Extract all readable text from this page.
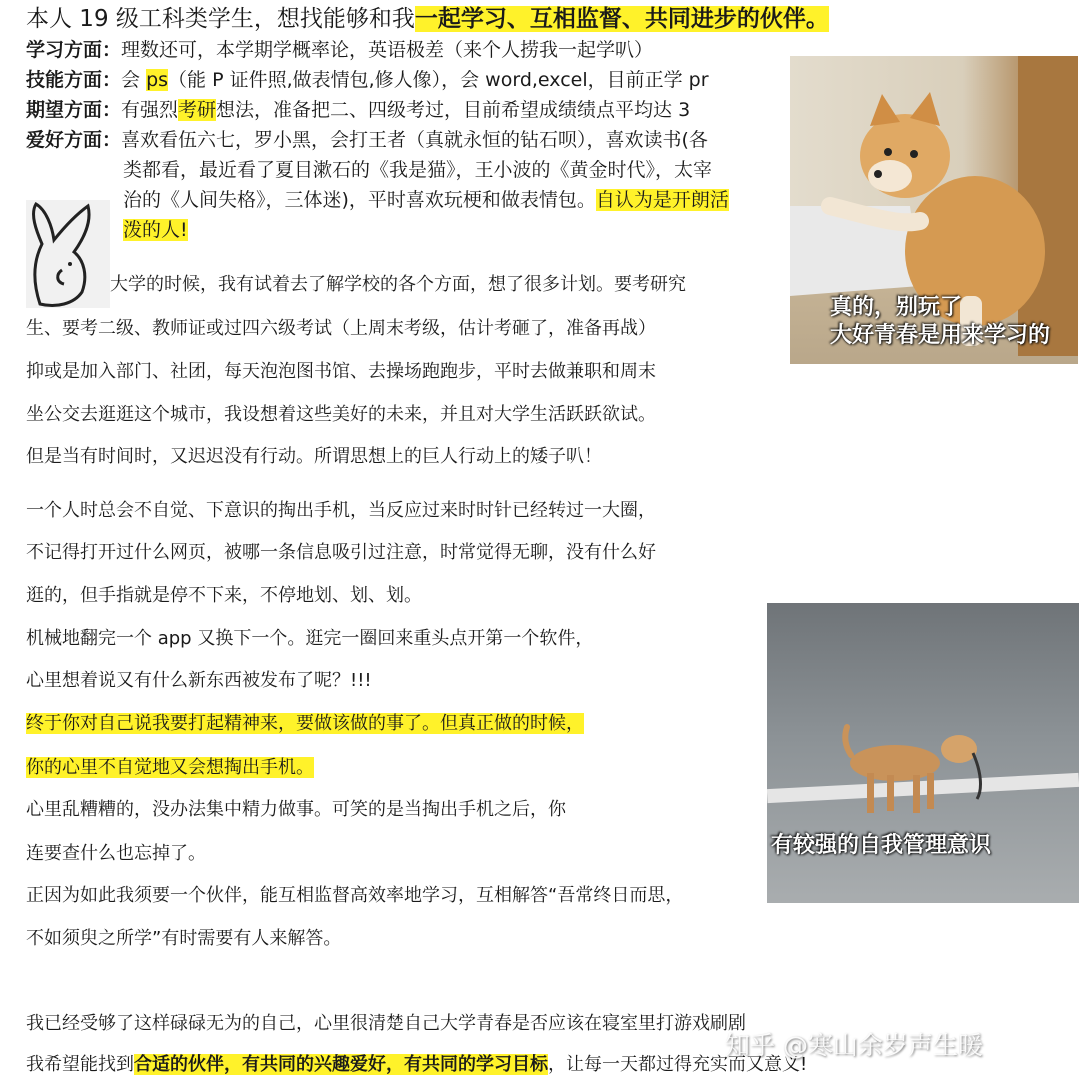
本人 19 级工科类学生，想找能够和我一起学习、互相监督、共同进步的伙伴。
学习方面：理数还可，本学期学概率论，英语极差（来个人捞我一起学叭）
技能方面：会 ps（能 P 证件照,做表情包,修人像），会 word,excel，目前正学 pr
期望方面：有强烈考研想法，准备把二、四级考过，目前希望成绩绩点平均达 3
爱好方面：喜欢看伍六七，罗小黑，会打王者（真就永恒的钻石呗），喜欢读书(各
类都看，最近看了夏目漱石的《我是猫》，王小波的《黄金时代》，太宰
治的《人间失格》，三体迷)，平时喜欢玩梗和做表情包。自认为是开朗活
泼的人!
大学的时候，我有试着去了解学校的各个方面，想了很多计划。要考研究
生、要考二级、教师证或过四六级考试（上周末考级，估计考砸了，准备再战）
抑或是加入部门、社团，每天泡泡图书馆、去操场跑跑步，平时去做兼职和周末
坐公交去逛逛这个城市，我设想着这些美好的未来，并且对大学生活跃跃欲试。
但是当有时间时，又迟迟没有行动。所谓思想上的巨人行动上的矮子叭！
一个人时总会不自觉、下意识的掏出手机，当反应过来时时针已经转过一大圈，
不记得打开过什么网页，被哪一条信息吸引过注意，时常觉得无聊，没有什么好
逛的，但手指就是停不下来，不停地划、划、划。
机械地翻完一个 app 又换下一个。逛完一圈回来重头点开第一个软件，
心里想着说又有什么新东西被发布了呢？!!!
终于你对自己说我要打起精神来，要做该做的事了。但真正做的时候，
你的心里不自觉地又会想掏出手机。
心里乱糟糟的，没办法集中精力做事。可笑的是当掏出手机之后，你
连要查什么也忘掉了。
正因为如此我须要一个伙伴，能互相监督高效率地学习，互相解答“吾常终日而思，
不如须臾之所学”有时需要有人来解答。
我已经受够了这样碌碌无为的自己，心里很清楚自己大学青春是否应该在寝室里打游戏刷剧
我希望能找到合适的伙伴，有共同的兴趣爱好，有共同的学习目标，让每一天都过得充实而又意义!
真的，别玩了
大好青春是用来学习的
有较强的自我管理意识
知乎 @寒山余岁声生暖
